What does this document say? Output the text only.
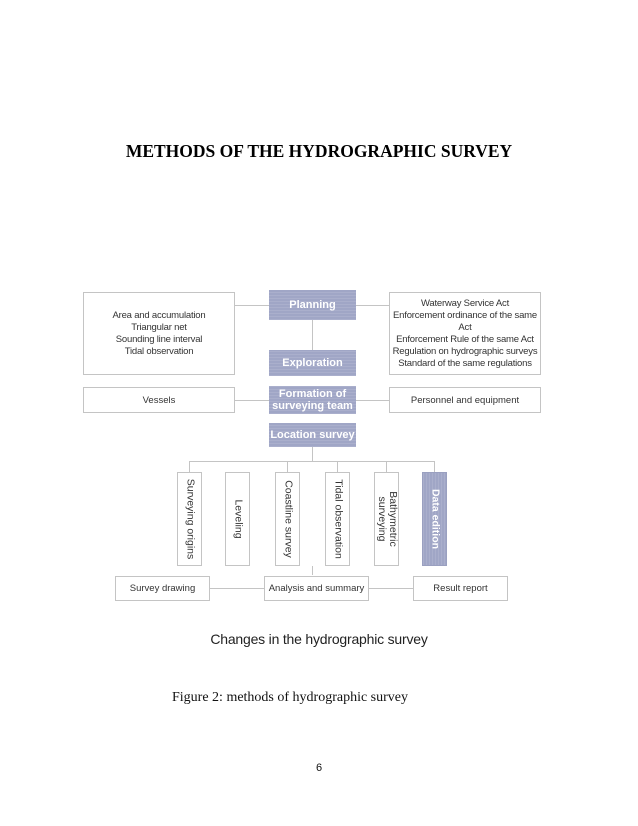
METHODS OF THE HYDROGRAPHIC SURVEY
Area and accumulation
Triangular net
Sounding line interval
Tidal observation
Planning	Waterway Service Act
Enforcement ordinance of the same Act
Enforcement Rule of the same Act
Regulation on hydrographic surveys
Standard of the same regulations
Exploration
Vessels	Formation of
surveying team	Personnel and equipment
Location survey
Surveying origins	Leveling	Coastline survey	Tidal observation	Bathymetric
surveying	Data edition
Survey drawing	Analysis and summary	Result report
Changes in the hydrographic survey
Figure 2: methods of hydrographic survey
6
